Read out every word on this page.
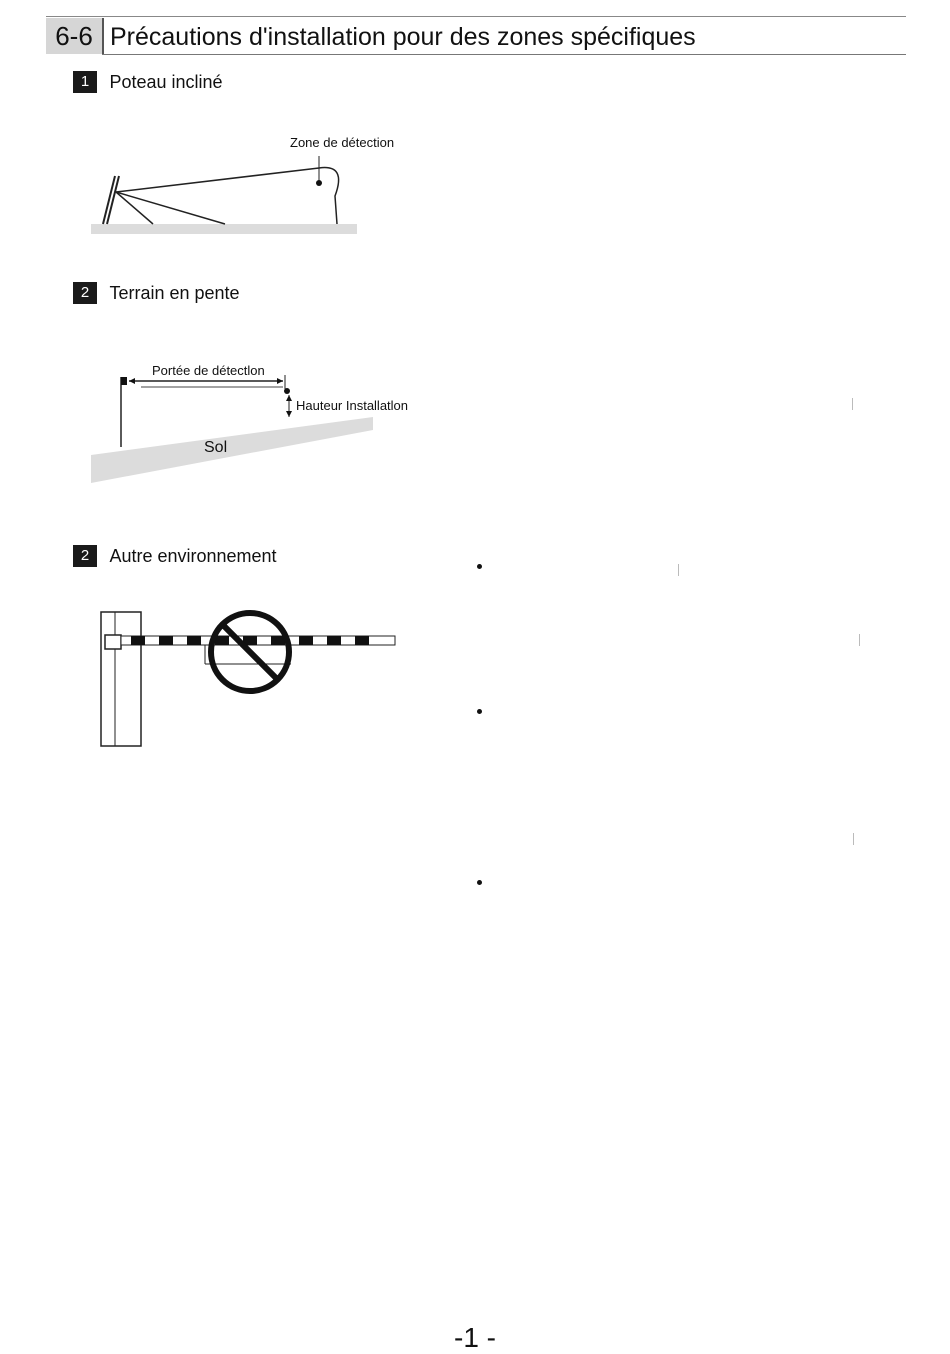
6-6 Précautions d'installation pour des zones spécifiques
1 Poteau incliné
Zone de détection
2 Terrain en pente
Portée de détectlon
Hauteur Installatlon
Sol
2 Autre environnement
-1 -
